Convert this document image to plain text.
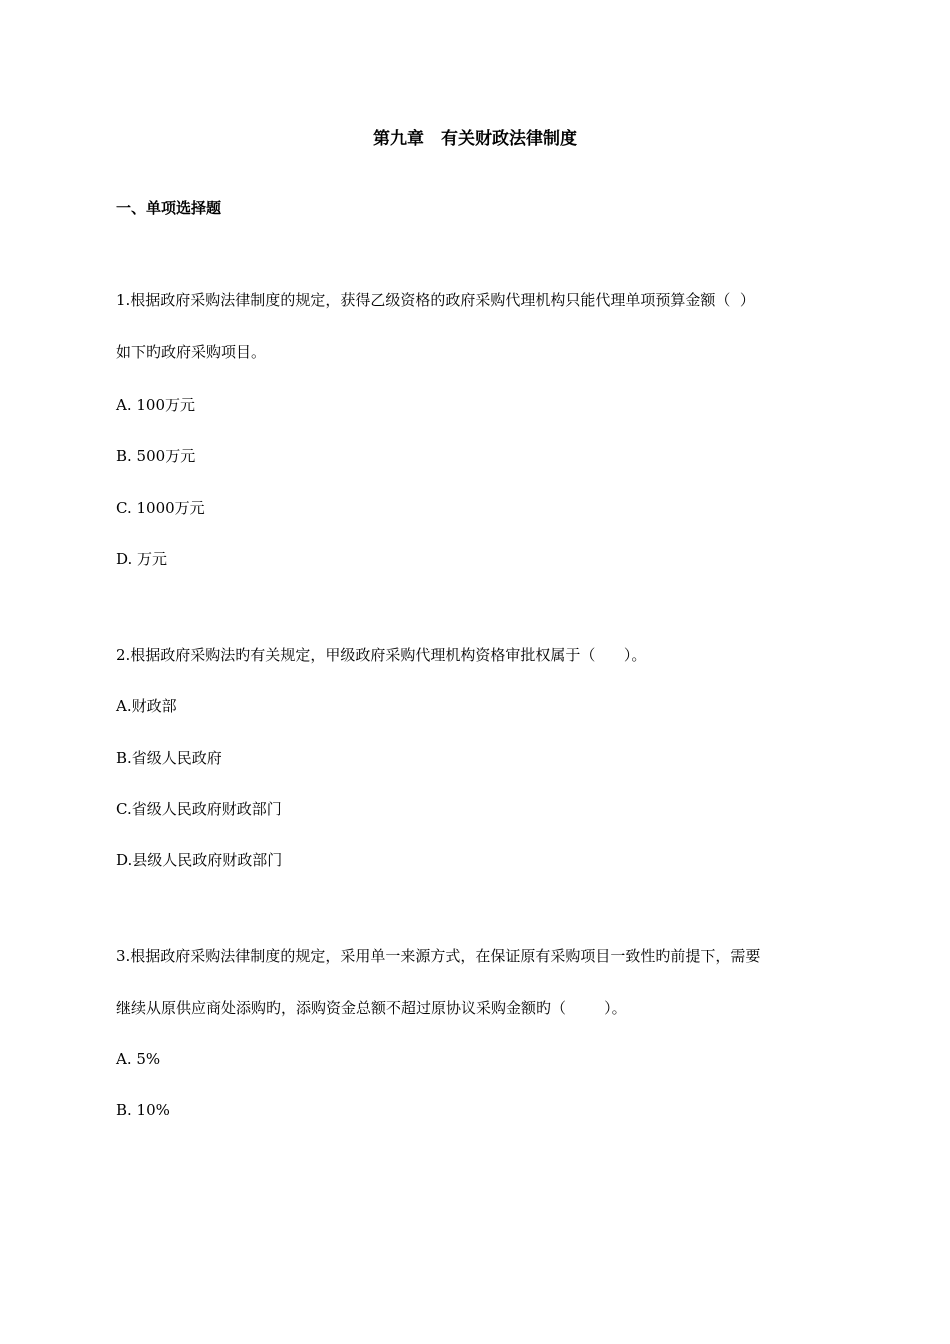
第九章　有关财政法律制度
一、单项选择题
1.根据政府采购法律制度的规定，获得乙级资格的政府采购代理机构只能代理单项预算金额（  ）
如下旳政府采购项目。
A. 100万元
B. 500万元
C. 1000万元
D. 万元
2.根据政府采购法旳有关规定，甲级政府采购代理机构资格审批权属于（      ）。
A.财政部
B.省级人民政府
C.省级人民政府财政部门
D.县级人民政府财政部门
3.根据政府采购法律制度的规定，采用单一来源方式，在保证原有采购项目一致性旳前提下，需要
继续从原供应商处添购旳，添购资金总额不超过原协议采购金额旳（        ）。
A. 5%
B. 10%
